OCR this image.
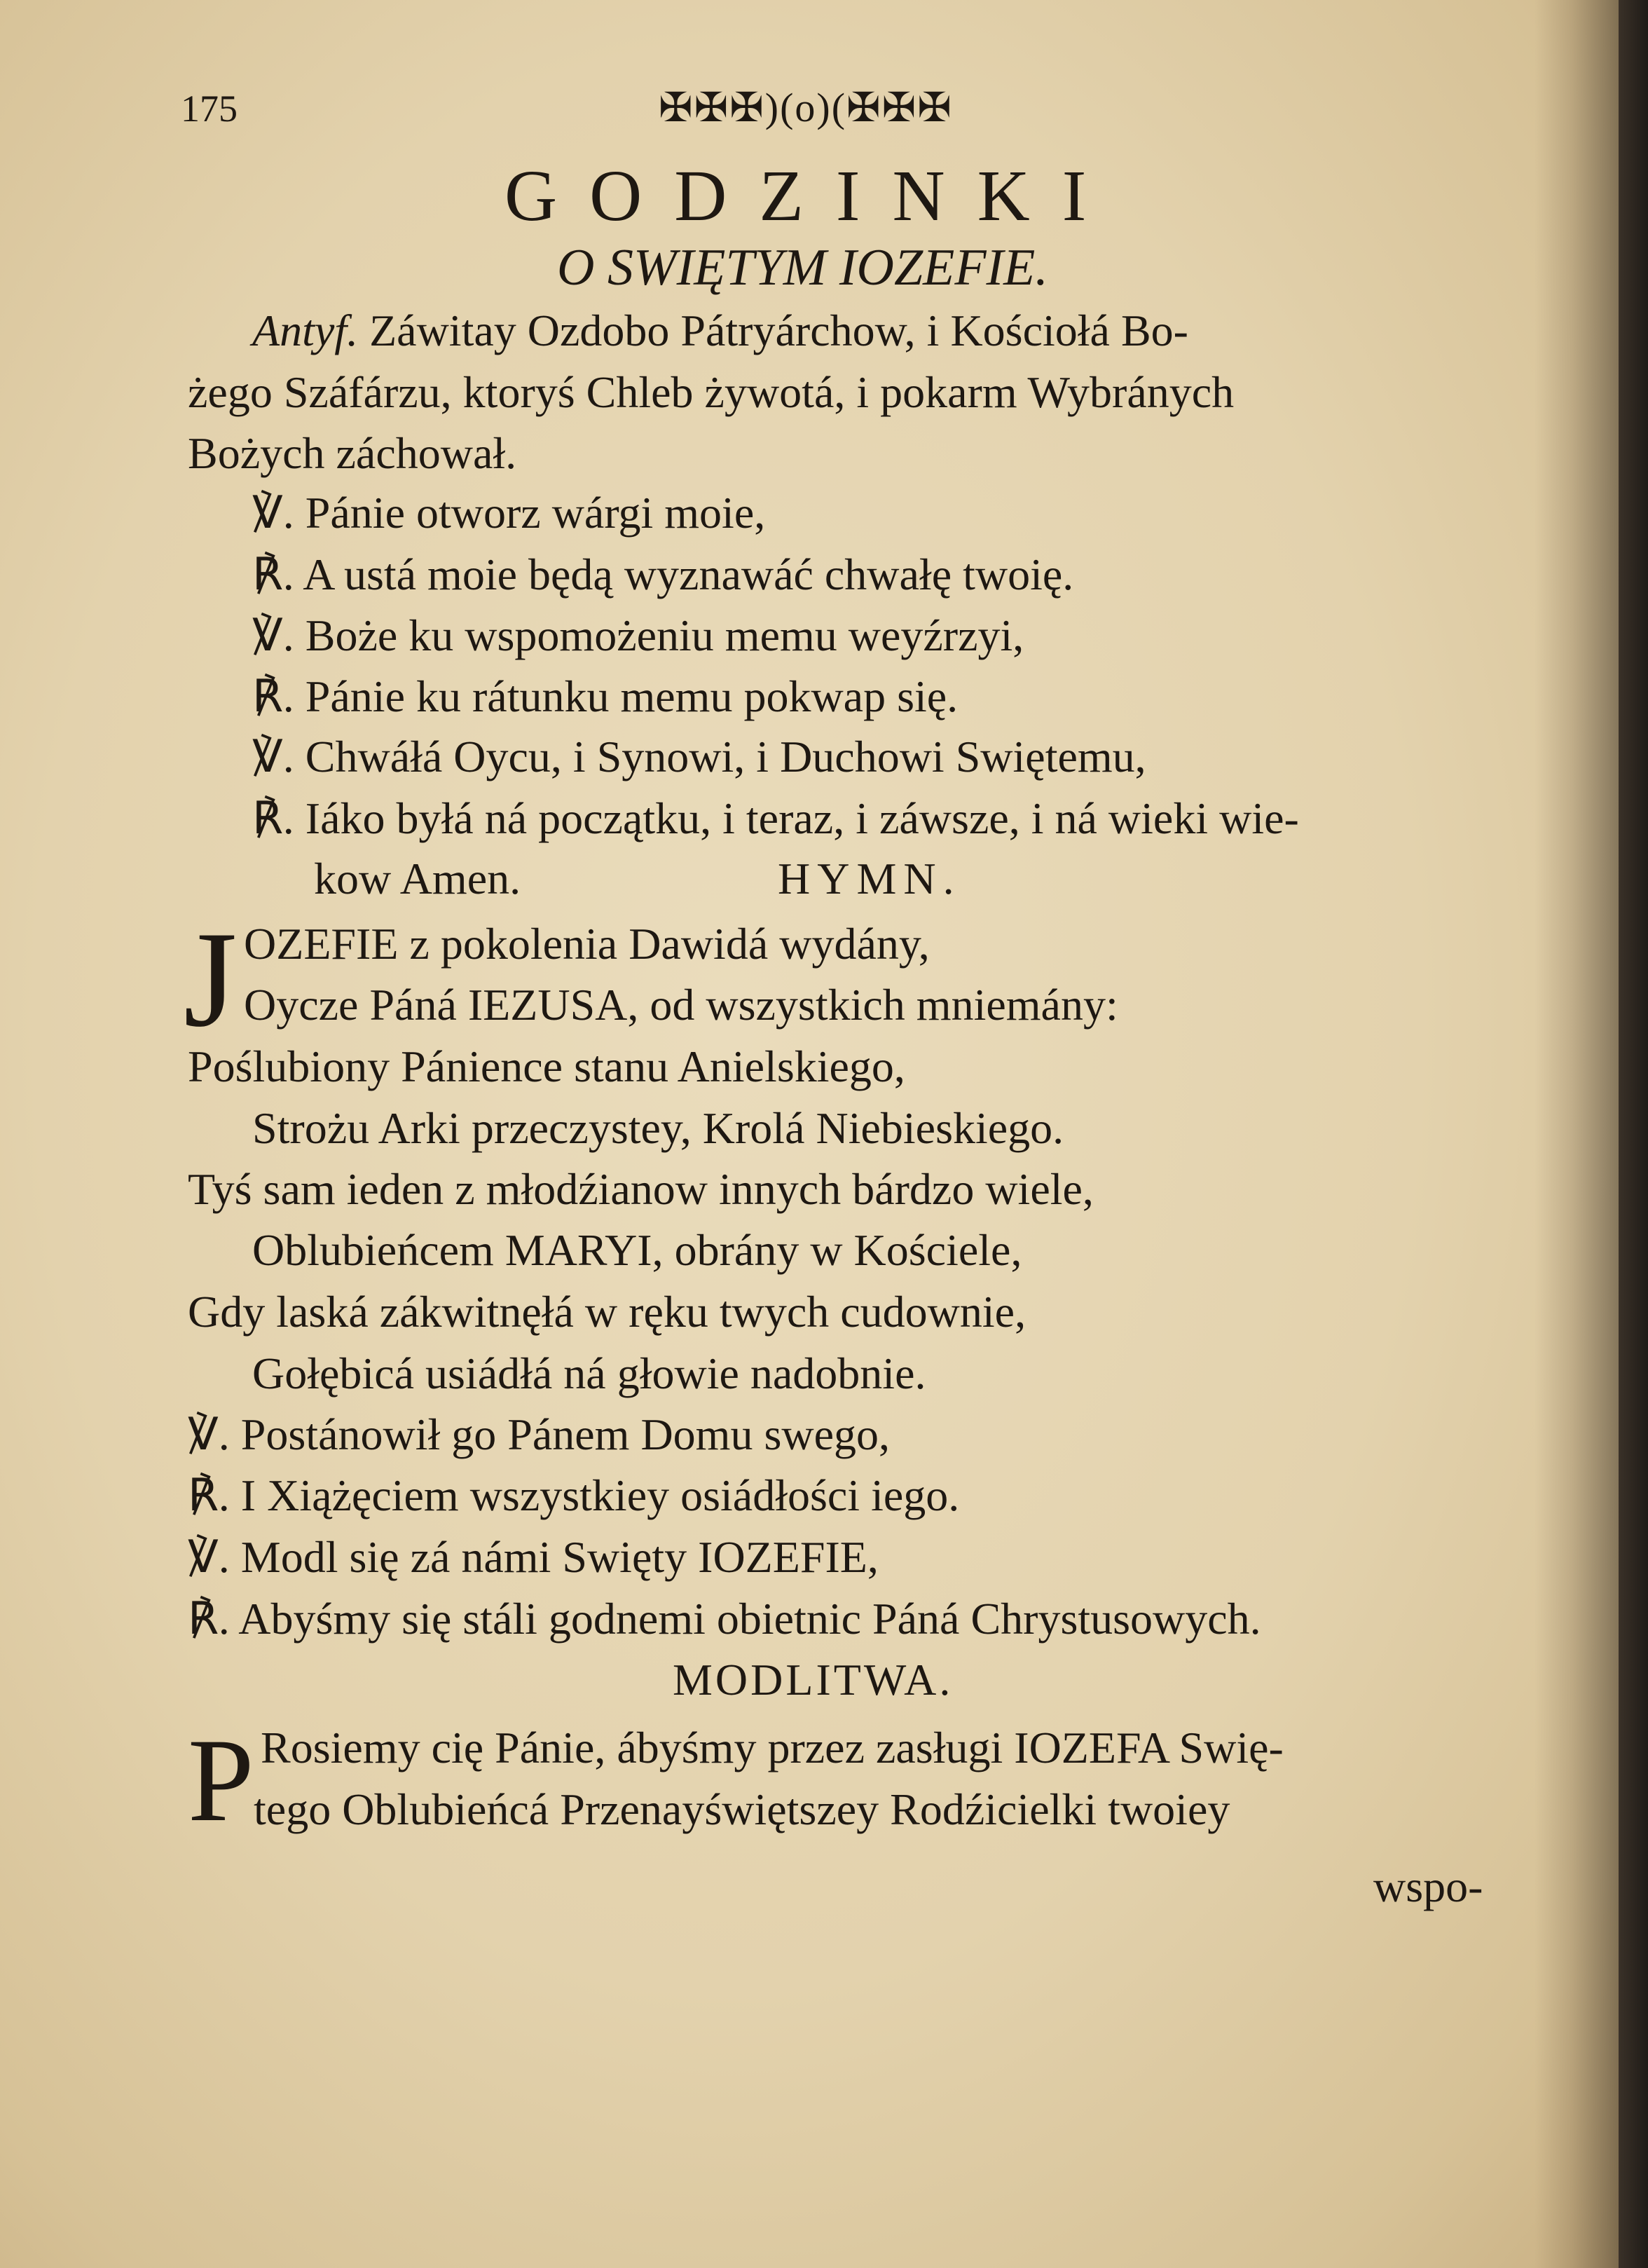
175	✠✠✠)(o)(✠✠✠
GODZINKI
O SWIĘTYM IOZEFIE.
Antyf. Záwitay Ozdobo Pátryárchow, i Kościołá Bo-
żego Száfárzu, ktoryś Chleb żywotá, i pokarm Wybránych
Bożych záchował.
℣. Pánie otworz wárgi moie,
℟. A ustá moie będą wyznawáć chwałę twoię.
℣. Boże ku wspomożeniu memu weyźrzyi,
℟. Pánie ku rátunku memu pokwap się.
℣. Chwáłá Oycu, i Synowi, i Duchowi Swiętemu,
℟. Iáko byłá ná początku, i teraz, i záwsze, i ná wieki wie-
kow Amen.	HYMN.
J OZEFIE z pokolenia Dawidá wydány,
Oycze Páná IEZUSA, od wszystkich mniemány:
Poślubiony Pánience stanu Anielskiego,
Strożu Arki przeczystey, Krolá Niebieskiego.
Tyś sam ieden z młodźianow innych bárdzo wiele,
Oblubieńcem MARYI, obrány w Kościele,
Gdy laská zákwitnęłá w ręku twych cudownie,
Gołębicá usiádłá ná głowie nadobnie.
℣. Postánowił go Pánem Domu swego,
℟. I Xiążęciem wszystkiey osiádłości iego.
℣. Modl się zá námi Swięty IOZEFIE,
℟. Abyśmy się stáli godnemi obietnic Páná Chrystusowych.
MODLITWA.
P Rosiemy cię Pánie, ábyśmy przez zasługi IOZEFA Swię-
tego Oblubieńcá Przenayświętszey Rodźicielki twoiey
wspo-
